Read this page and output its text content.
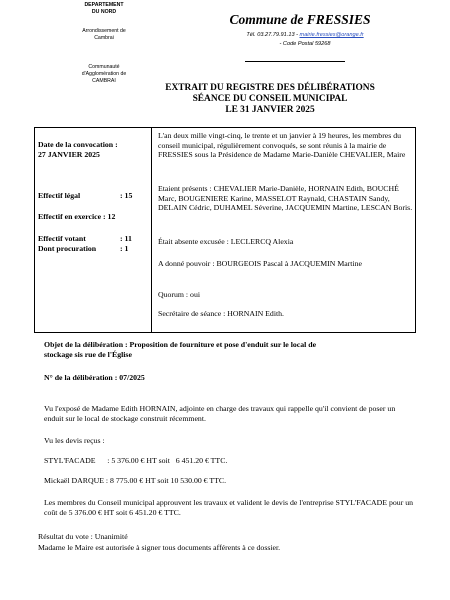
DEPARTEMENT
DU NORD
Arrondissement de
Cambrai
Communauté
d'Agglomération de
CAMBRAI
Commune de FRESSIES
Tél. 03.27.79.91.13 - mairie.fressies@orange.fr
- Code Postal 59268
EXTRAIT DU REGISTRE DES DÉLIBÉRATIONS
SÉANCE DU CONSEIL MUNICIPAL
LE 31 JANVIER 2025
Date de la convocation :
27 JANVIER 2025
Effectif légal	: 15
Effectif en exercice : 12
Effectif votant	: 11
Dont procuration	: 1
L'an deux mille vingt-cinq, le trente et un janvier à 19 heures, les membres du conseil municipal, régulièrement convoqués, se sont réunis à la mairie de FRESSIES sous la Présidence de Madame Marie-Danièle CHEVALIER, Maire
Etaient présents : CHEVALIER Marie-Danièle, HORNAIN Edith, BOUCHÉ Marc, BOUGENIERE Karine, MASSELOT Raynald, CHASTAIN Sandy, DELAIN Cédric, DUHAMEL Séverine, JACQUEMIN Martine, LESCAN Boris.
Était absente excusée : LECLERCQ Alexia
A donné pouvoir : BOURGEOIS Pascal à JACQUEMIN Martine
Quorum : oui
Secrétaire de séance : HORNAIN Edith.
Objet de la délibération : Proposition de fourniture et pose d'enduit sur le local de
stockage sis rue de l'Église
N° de la délibération : 07/2025
Vu l'exposé de Madame Edith HORNAIN, adjointe en charge des travaux qui rappelle qu'il convient de poser un enduit sur le local de stockage construit récemment.
Vu les devis reçus :
STYL'FACADE      : 5 376.00 € HT soit   6 451.20 € TTC.
Mickaël DARQUE : 8 775.00 € HT soit 10 530.00 € TTC.
Les membres du Conseil municipal approuvent les travaux et valident le devis de l'entreprise STYL'FACADE pour un coût de 5 376.00 € HT soit 6 451.20 € TTC.
Résultat du vote : Unanimité
Madame le Maire est autorisée à signer tous documents afférents à ce dossier.
